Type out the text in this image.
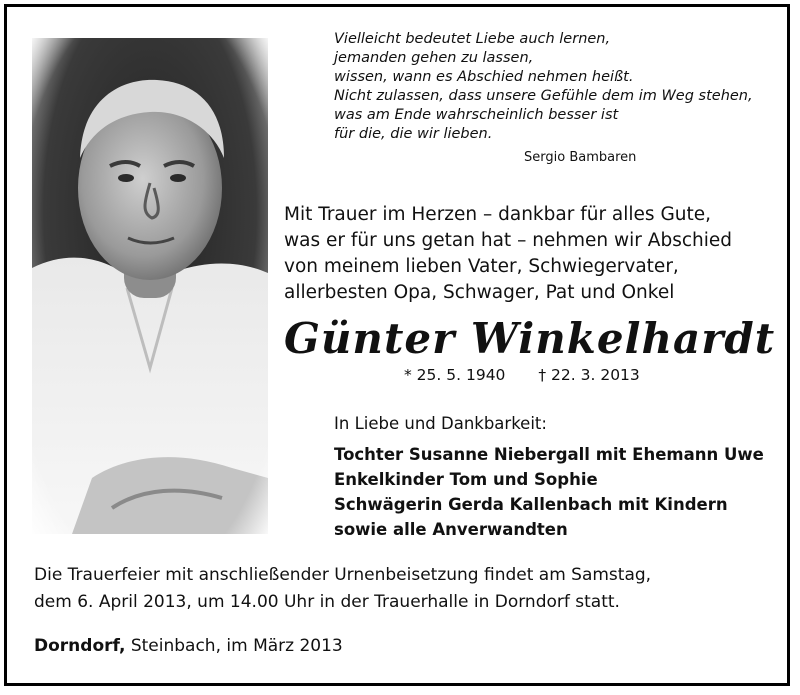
Vielleicht bedeutet Liebe auch lernen,
jemanden gehen zu lassen,
wissen, wann es Abschied nehmen heißt.
Nicht zulassen, dass unsere Gefühle dem im Weg stehen,
was am Ende wahrscheinlich besser ist
für die, die wir lieben.
Sergio Bambaren
Mit Trauer im Herzen – dankbar für alles Gute,
was er für uns getan hat – nehmen wir Abschied
von meinem lieben Vater, Schwiegervater,
allerbesten Opa, Schwager, Pat und Onkel
Günter Winkelhardt
* 25. 5. 1940 † 22. 3. 2013
In Liebe und Dankbarkeit:
Tochter Susanne Niebergall mit Ehemann Uwe
Enkelkinder Tom und Sophie
Schwägerin Gerda Kallenbach mit Kindern
sowie alle Anverwandten
Die Trauerfeier mit anschließender Urnenbeisetzung findet am Samstag,
dem 6. April 2013, um 14.00 Uhr in der Trauerhalle in Dorndorf statt.
Dorndorf, Steinbach, im März 2013
